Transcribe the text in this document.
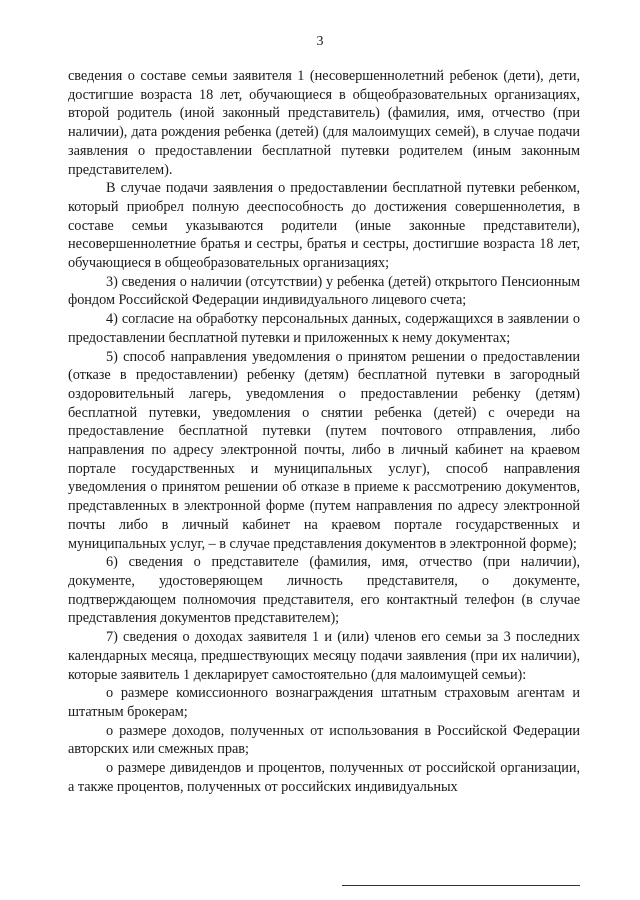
3

сведения о составе семьи заявителя 1 (несовершеннолетний ребенок (дети), дети, достигшие возраста 18 лет, обучающиеся в общеобразовательных организациях, второй родитель (иной законный представитель) (фамилия, имя, отчество (при наличии), дата рождения ребенка (детей) (для малоимущих семей), в случае подачи заявления о предоставлении бесплатной путевки родителем (иным законным представителем).

В случае подачи заявления о предоставлении бесплатной путевки ребенком, который приобрел полную дееспособность до достижения совершеннолетия, в составе семьи указываются родители (иные законные представители), несовершеннолетние братья и сестры, братья и сестры, достигшие возраста 18 лет, обучающиеся в общеобразовательных организациях;

3) сведения о наличии (отсутствии) у ребенка (детей) открытого Пенсионным фондом Российской Федерации индивидуального лицевого счета;

4) согласие на обработку персональных данных, содержащихся в заявлении о предоставлении бесплатной путевки и приложенных к нему документах;

5) способ направления уведомления о принятом решении о предоставлении (отказе в предоставлении) ребенку (детям) бесплатной путевки в загородный оздоровительный лагерь, уведомления о предоставлении ребенку (детям) бесплатной путевки, уведомления о снятии ребенка (детей) с очереди на предоставление бесплатной путевки (путем почтового отправления, либо направления по адресу электронной почты, либо в личный кабинет на краевом портале государственных и муниципальных услуг), способ направления уведомления о принятом решении об отказе в приеме к рассмотрению документов, представленных в электронной форме (путем направления по адресу электронной почты либо в личный кабинет на краевом портале государственных и муниципальных услуг, – в случае представления документов в электронной форме);

6) сведения о представителе (фамилия, имя, отчество (при наличии), документе, удостоверяющем личность представителя, о документе, подтверждающем полномочия представителя, его контактный телефон (в случае представления документов представителем);

7) сведения о доходах заявителя 1 и (или) членов его семьи за 3 последних календарных месяца, предшествующих месяцу подачи заявления (при их наличии), которые заявитель 1 декларирует самостоятельно (для малоимущей семьи):

о размере комиссионного вознаграждения штатным страховым агентам и штатным брокерам;

о размере доходов, полученных от использования в Российской Федерации авторских или смежных прав;

о размере дивидендов и процентов, полученных от российской организации, а также процентов, полученных от российских индивидуальных
